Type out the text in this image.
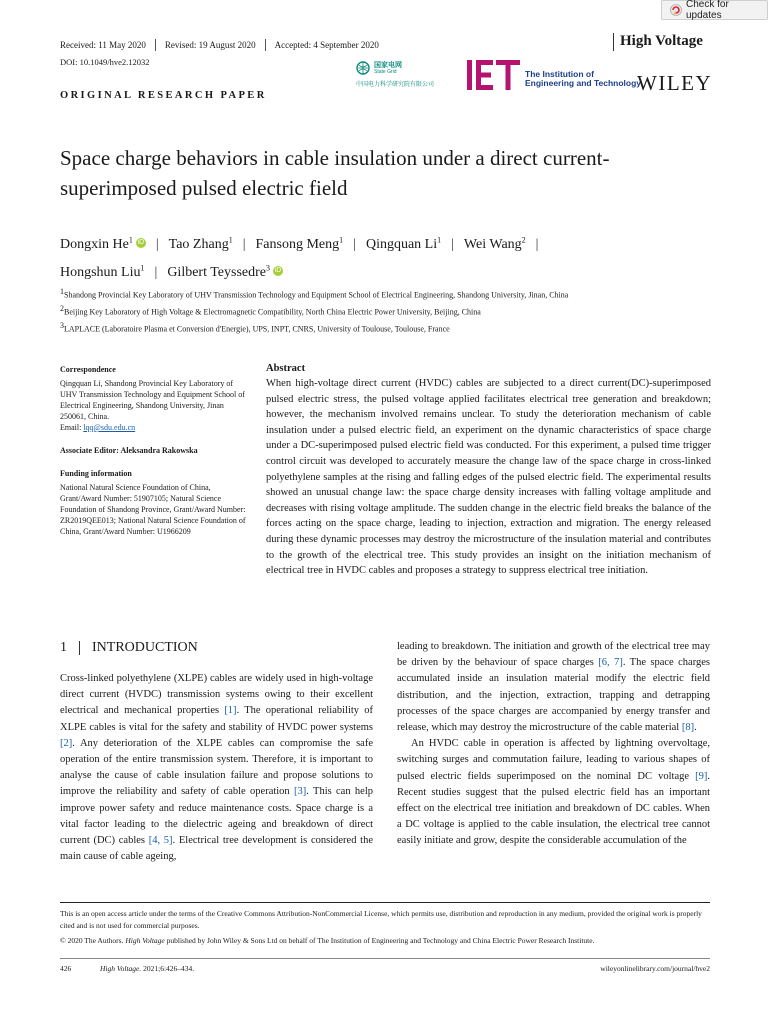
Check for updates
Received: 11 May 2020 Revised: 19 August 2020 Accepted: 4 September 2020	High Voltage
DOI: 10.1049/hve2.12032	国家电网
State Grid
中国电力科学研究院有限公司
The Institution of
Engineering and Technology
WILEY
ORIGINAL RESEARCH PAPER
Space charge behaviors in cable insulation under a direct current-superimposed pulsed electric field
Dongxin He$^1$ iD | Tao Zhang$^1$ | Fansong Meng$^1$ | Qingquan Li$^1$ | Wei Wang$^2$ |
Hongshun Liu$^1$ | Gilbert Teyssedre$^3$ iD
$^1$Shandong Provincial Key Laboratory of UHV Transmission Technology and Equipment School of Electrical Engineering, Shandong University, Jinan, China
$^2$Beijing Key Laboratory of High Voltage & Electromagnetic Compatibility, North China Electric Power University, Beijing, China
$^3$LAPLACE (Laboratoire Plasma et Conversion d'Energie), UPS, INPT, CNRS, University of Toulouse, Toulouse, France
Correspondence
Qingquan Li, Shandong Provincial Key Laboratory of UHV Transmission Technology and Equipment School of Electrical Engineering, Shandong University, Jinan 250061, China.
Email: lqq@sdu.edu.cn
Associate Editor: Aleksandra Rakowska
Funding information
National Natural Science Foundation of China, Grant/Award Number: 51907105; Natural Science Foundation of Shandong Province, Grant/Award Number: ZR2019QEE013; National Natural Science Foundation of China, Grant/Award Number: U1966209
Abstract
When high-voltage direct current (HVDC) cables are subjected to a direct current(DC)-superimposed pulsed electric stress, the pulsed voltage applied facilitates electrical tree generation and breakdown; however, the mechanism involved remains unclear. To study the deterioration mechanism of cable insulation under a pulsed electric field, an experiment on the dynamic characteristics of space charge under a DC-superimposed pulsed electric field was conducted. For this experiment, a pulsed time trigger control circuit was developed to accurately measure the change law of the space charge in cross-linked polyethylene samples at the rising and falling edges of the pulsed electric field. The experimental results showed an unusual change law: the space charge density increases with falling voltage amplitude and decreases with rising voltage amplitude. The sudden change in the electric field breaks the balance of the forces acting on the space charge, leading to injection, extraction and migration. The energy released during these dynamic processes may destroy the microstructure of the insulation material and contributes to the growth of the electrical tree. This study provides an insight on the initiation mechanism of electrical tree in HVDC cables and proposes a strategy to suppress electrical tree initiation.
1 INTRODUCTION

Cross-linked polyethylene (XLPE) cables are widely used in high-voltage direct current (HVDC) transmission systems owing to their excellent electrical and mechanical properties [1]. The operational reliability of XLPE cables is vital for the safety and stability of HVDC power systems [2]. Any deterioration of the XLPE cables can compromise the safe operation of the entire transmission system. Therefore, it is important to analyse the cause of cable insulation failure and propose solutions to improve the reliability and safety of cable operation [3]. This can help improve power safety and reduce maintenance costs. Space charge is a vital factor leading to the dielectric ageing and breakdown of direct current (DC) cables [4, 5]. Electrical tree development is considered the main cause of cable ageing,

leading to breakdown. The initiation and growth of the electrical tree may be driven by the behaviour of space charges [6, 7]. The space charges accumulated inside an insulation material modify the electric field distribution, and the injection, extraction, trapping and detrapping processes of the space charges are accompanied by energy transfer and release, which may destroy the microstructure of the cable material [8].

An HVDC cable in operation is affected by lightning overvoltage, switching surges and commutation failure, leading to various shapes of pulsed electric fields superimposed on the nominal DC voltage [9]. Recent studies suggest that the pulsed electric field has an important effect on the electrical tree initiation and breakdown of DC cables. When a DC voltage is applied to the cable insulation, the electrical tree cannot easily initiate and grow, despite the considerable accumulation of the

This is an open access article under the terms of the Creative Commons Attribution-NonCommercial License, which permits use, distribution and reproduction in any medium, provided the original work is properly cited and is not used for commercial purposes.
© 2020 The Authors. High Voltage published by John Wiley & Sons Ltd on behalf of The Institution of Engineering and Technology and China Electric Power Research Institute.
426	High Voltage. 2021;6:426–434.	wileyonlinelibrary.com/journal/hve2
